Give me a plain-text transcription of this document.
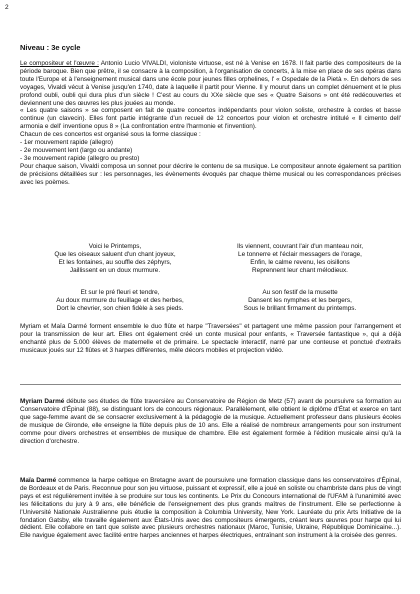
2
Niveau : 3e cycle

Le compositeur et l'œuvre : Antonio Lucio VIVALDI, violoniste virtuose, est né à Venise en 1678. Il fait partie des compositeurs de la période baroque. Bien que prêtre, il se consacre à la composition, à l'organisation de concerts, à la mise en place de ses opéras dans toute l'Europe et à l'enseignement musical dans une école pour jeunes filles orphelines, l' « Ospedale de la Pietà ». En dehors de ses voyages, Vivaldi vécut à Venise jusqu'en 1740, date à laquelle il partit pour Vienne. Il y mourut dans un complet dénuement et le plus profond oubli, oubli qui dura plus d'un siècle ! C'est au cours du XXe siècle que ses « Quatre Saisons » ont été redécouvertes et deviennent une des œuvres les plus jouées au monde.

« Les quatre saisons » se composent en fait de quatre concertos indépendants pour violon soliste, orchestre à cordes et basse continue (un clavecin). Elles font partie intégrante d'un recueil de 12 concertos pour violon et orchestre intitulé « Il cimento dell' armonia e dell' inventione opus 8 » (La confrontation entre l'harmonie et l'invention).

Chacun de ces concertos est organisé sous la forme classique :

- 1er mouvement rapide (allegro)

- 2e mouvement lent (largo ou andante)

- 3e mouvement rapide (allegro ou presto)

Pour chaque saison, Vivaldi composa un sonnet pour décrire le contenu de sa musique. Le compositeur annote également sa partition de précisions détaillées sur : les personnages, les évènements évoqués par chaque thème musical ou les correspondances précises avec les poèmes.

Voici le Printemps,
Que les oiseaux saluent d'un chant joyeux,
Et les fontaines, au souffle des zéphyrs,
Jaillissent en un doux murmure.
Ils viennent, couvrant l'air d'un manteau noir,
Le tonnerre et l'éclair messagers de l'orage,
Enfin, le calme revenu, les oisillons
Reprennent leur chant mélodieux.
Et sur le pré fleuri et tendre,
Au doux murmure du feuillage et des herbes,
Dort le chevrier, son chien fidèle à ses pieds.
Au son festif de la musette
Dansent les nymphes et les bergers,
Sous le brillant firmament du printemps.
Myriam et Maïa Darmé forment ensemble le duo flûte et harpe "Traversées" et partagent une même passion pour l'arrangement et pour la transmission de leur art. Elles ont également créé un conte musical pour enfants, « Traversée fantastique », qui a déjà enchanté plus de 5.000 élèves de maternelle et de primaire. Le spectacle interactif, narré par une conteuse et ponctué d'extraits musicaux joués sur 12 flûtes et 3 harpes différentes, mêle décors mobiles et projection vidéo.
Myriam Darmé débute ses études de flûte traversière au Conservatoire de Région de Metz (57) avant de poursuivre sa formation au Conservatoire d'Épinal (88), se distinguant lors de concours régionaux. Parallèlement, elle obtient le diplôme d'État et exerce en tant que sage-femme avant de se consacrer exclusivement à la pédagogie de la musique. Actuellement professeur dans plusieurs écoles de musique de Gironde, elle enseigne la flûte depuis plus de 10 ans. Elle a réalisé de nombreux arrangements pour son instrument comme pour divers orchestres et ensembles de musique de chambre. Elle est également formée à l'édition musicale ainsi qu'à la direction d'orchestre.
Maïa Darmé commence la harpe celtique en Bretagne avant de poursuivre une formation classique dans les conservatoires d'Épinal, de Bordeaux et de Paris. Reconnue pour son jeu virtuose, puissant et expressif, elle a joué en soliste ou chambriste dans plus de vingt pays et est régulièrement invitée à se produire sur tous les continents. Le Prix du Concours international de l'UFAM à l'unanimité avec les félicitations du jury à 9 ans, elle bénéficie de l'enseignement des plus grands maîtres de l'instrument. Elle se perfectionne à l'Université Nationale Australienne puis étudie la composition à Columbia University, New York. Lauréate du prix Arts Initiative de la fondation Gatsby, elle travaille également aux États-Unis avec des compositeurs émergents, créant leurs œuvres pour harpe qui lui dédient. Elle collabore en tant que soliste avec plusieurs orchestres nationaux (Maroc, Tunisie, Ukraine, République Dominicaine...). Elle navigue également avec facilité entre harpes anciennes et harpes électriques, entraînant son instrument à la croisée des genres.
